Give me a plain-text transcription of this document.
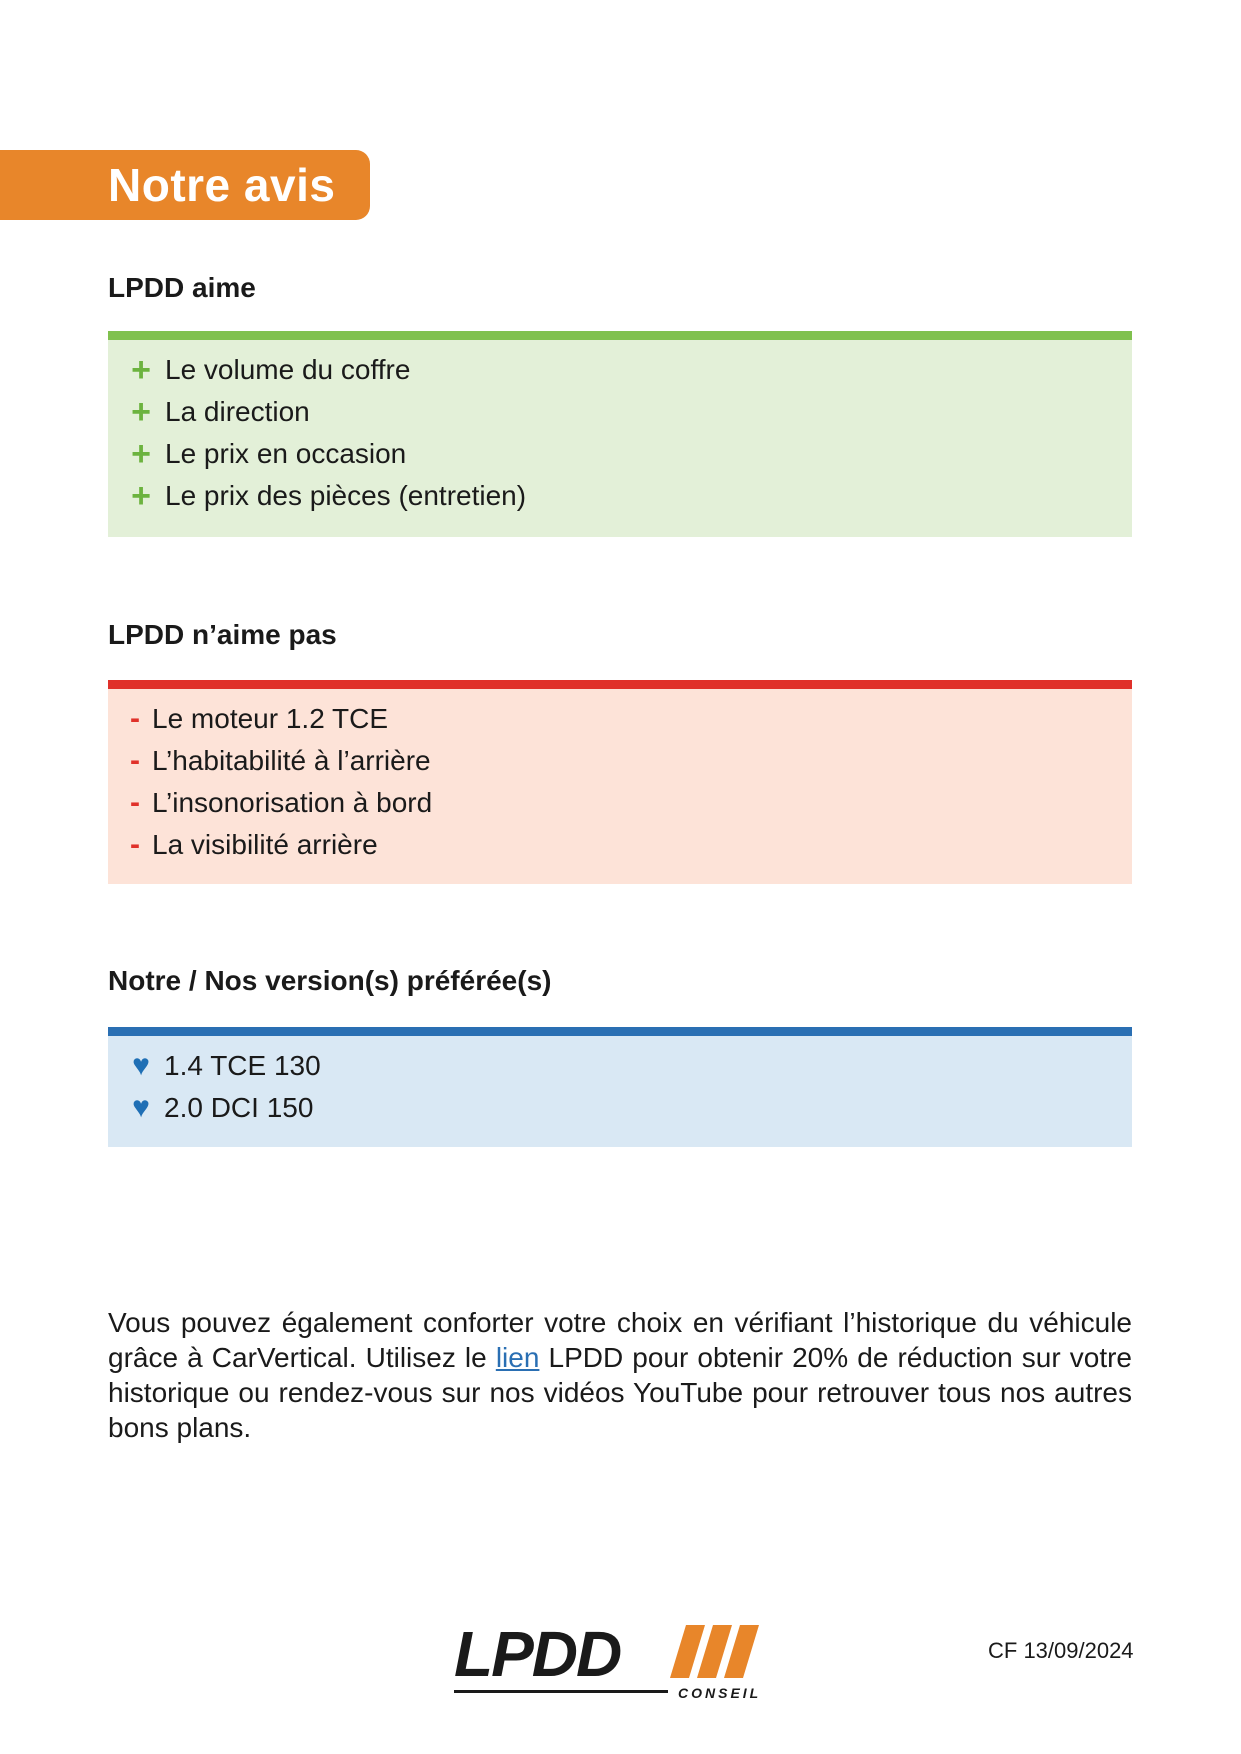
Notre avis
LPDD aime
+ Le volume du coffre
+ La direction
+ Le prix en occasion
+ Le prix des pièces (entretien)
LPDD n’aime pas
- Le moteur 1.2 TCE
- L’habitabilité à l’arrière
- L’insonorisation à bord
- La visibilité arrière
Notre / Nos version(s) préférée(s)
♥ 1.4 TCE 130
♥ 2.0 DCI 150

Vous pouvez également conforter votre choix en vérifiant l’historique du véhicule grâce à CarVertical. Utilisez le lien LPDD pour obtenir 20% de réduction sur votre historique ou rendez-vous sur nos vidéos YouTube pour retrouver tous nos autres bons plans.

LPDD
CONSEIL
CF 13/09/2024
